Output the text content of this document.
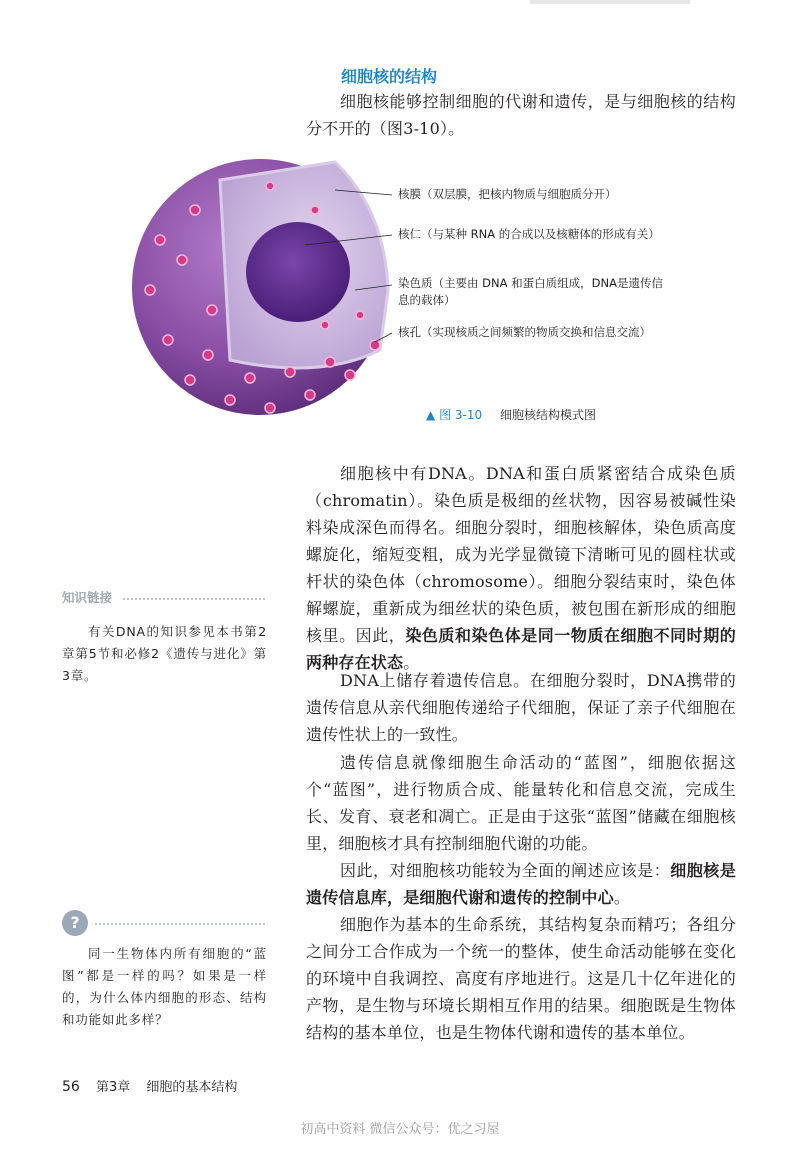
细胞核的结构

细胞核能够控制细胞的代谢和遗传，是与细胞核的结构分不开的（图3-10）。

核膜（双层膜，把核内物质与细胞质分开）
核仁（与某种 RNA 的合成以及核糖体的形成有关）
染色质（主要由 DNA 和蛋白质组成，DNA是遗传信息的载体）
核孔（实现核质之间频繁的物质交换和信息交流）
▲ 图 3-10 细胞核结构模式图

细胞核中有DNA。DNA和蛋白质紧密结合成染色质（chromatin）。染色质是极细的丝状物，因容易被碱性染料染成深色而得名。细胞分裂时，细胞核解体，染色质高度螺旋化，缩短变粗，成为光学显微镜下清晰可见的圆柱状或杆状的染色体（chromosome）。细胞分裂结束时，染色体解螺旋，重新成为细丝状的染色质，被包围在新形成的细胞核里。因此，染色质和染色体是同一物质在细胞不同时期的两种存在状态。

DNA上储存着遗传信息。在细胞分裂时，DNA携带的遗传信息从亲代细胞传递给子代细胞，保证了亲子代细胞在遗传性状上的一致性。

遗传信息就像细胞生命活动的“蓝图”，细胞依据这个“蓝图”，进行物质合成、能量转化和信息交流，完成生长、发育、衰老和凋亡。正是由于这张“蓝图”储藏在细胞核里，细胞核才具有控制细胞代谢的功能。

因此，对细胞核功能较为全面的阐述应该是：细胞核是遗传信息库，是细胞代谢和遗传的控制中心。

细胞作为基本的生命系统，其结构复杂而精巧；各组分之间分工合作成为一个统一的整体，使生命活动能够在变化的环境中自我调控、高度有序地进行。这是几十亿年进化的产物，是生物与环境长期相互作用的结果。细胞既是生物体结构的基本单位，也是生物体代谢和遗传的基本单位。

知识链接

有关DNA的知识参见本书第2章第5节和必修2《遗传与进化》第3章。

?

同一生物体内所有细胞的“蓝图”都是一样的吗？如果是一样的，为什么体内细胞的形态、结构和功能如此多样？

56 第3章 细胞的基本结构
初高中资料 微信公众号：优之习屋
